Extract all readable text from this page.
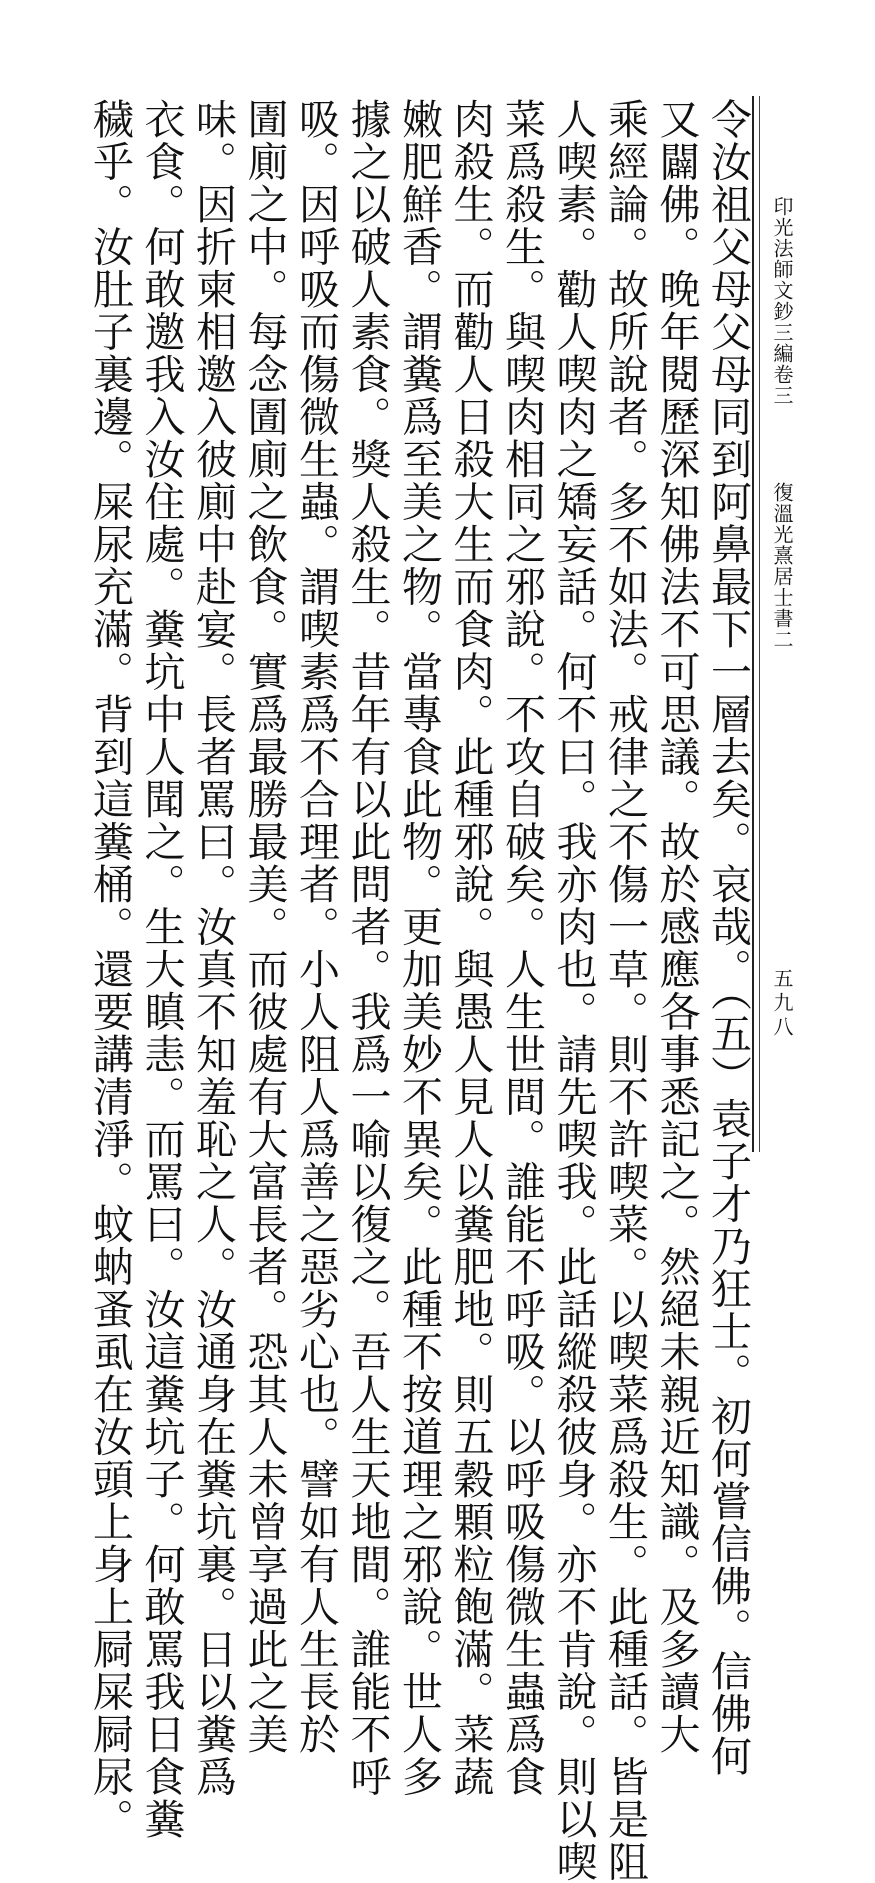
印光法師文鈔三編卷三
復溫光熹居士書二
五九八
令汝祖父母父母同到阿鼻最下一層去矣。哀哉。（五）袁子才乃狂士。初何嘗信佛。信佛何
又闢佛。晚年閱歷深知佛法不可思議。故於感應各事悉記之。然絕未親近知識。及多讀大
乘經論。故所說者。多不如法。戒律之不傷一草。則不許喫菜。以喫菜爲殺生。此種話。皆是阻
人喫素。勸人喫肉之矯妄話。何不曰。我亦肉也。請先喫我。此話縱殺彼身。亦不肯說。則以喫
菜爲殺生。與喫肉相同之邪說。不攻自破矣。人生世間。誰能不呼吸。以呼吸傷微生蟲爲食
肉殺生。而勸人日殺大生而食肉。此種邪說。與愚人見人以糞肥地。則五穀顆粒飽滿。菜蔬
嫩肥鮮香。謂糞爲至美之物。當專食此物。更加美妙不異矣。此種不按道理之邪說。世人多
據之以破人素食。獎人殺生。昔年有以此問者。我爲一喻以復之。吾人生天地間。誰能不呼
吸。因呼吸而傷微生蟲。謂喫素爲不合理者。小人阻人爲善之惡劣心也。譬如有人生長於
圊廁之中。每念圊廁之飲食。實爲最勝最美。而彼處有大富長者。恐其人未曾享過此之美
味。因折柬相邀入彼廁中赴宴。長者罵曰。汝真不知羞恥之人。汝通身在糞坑裏。日以糞爲
衣食。何敢邀我入汝住處。糞坑中人聞之。生大瞋恚。而罵曰。汝這糞坑子。何敢罵我日食糞
穢乎。汝肚子裏邊。屎尿充滿。背到這糞桶。還要講清淨。蚊蚋蚤虱在汝頭上身上屙屎屙尿。
